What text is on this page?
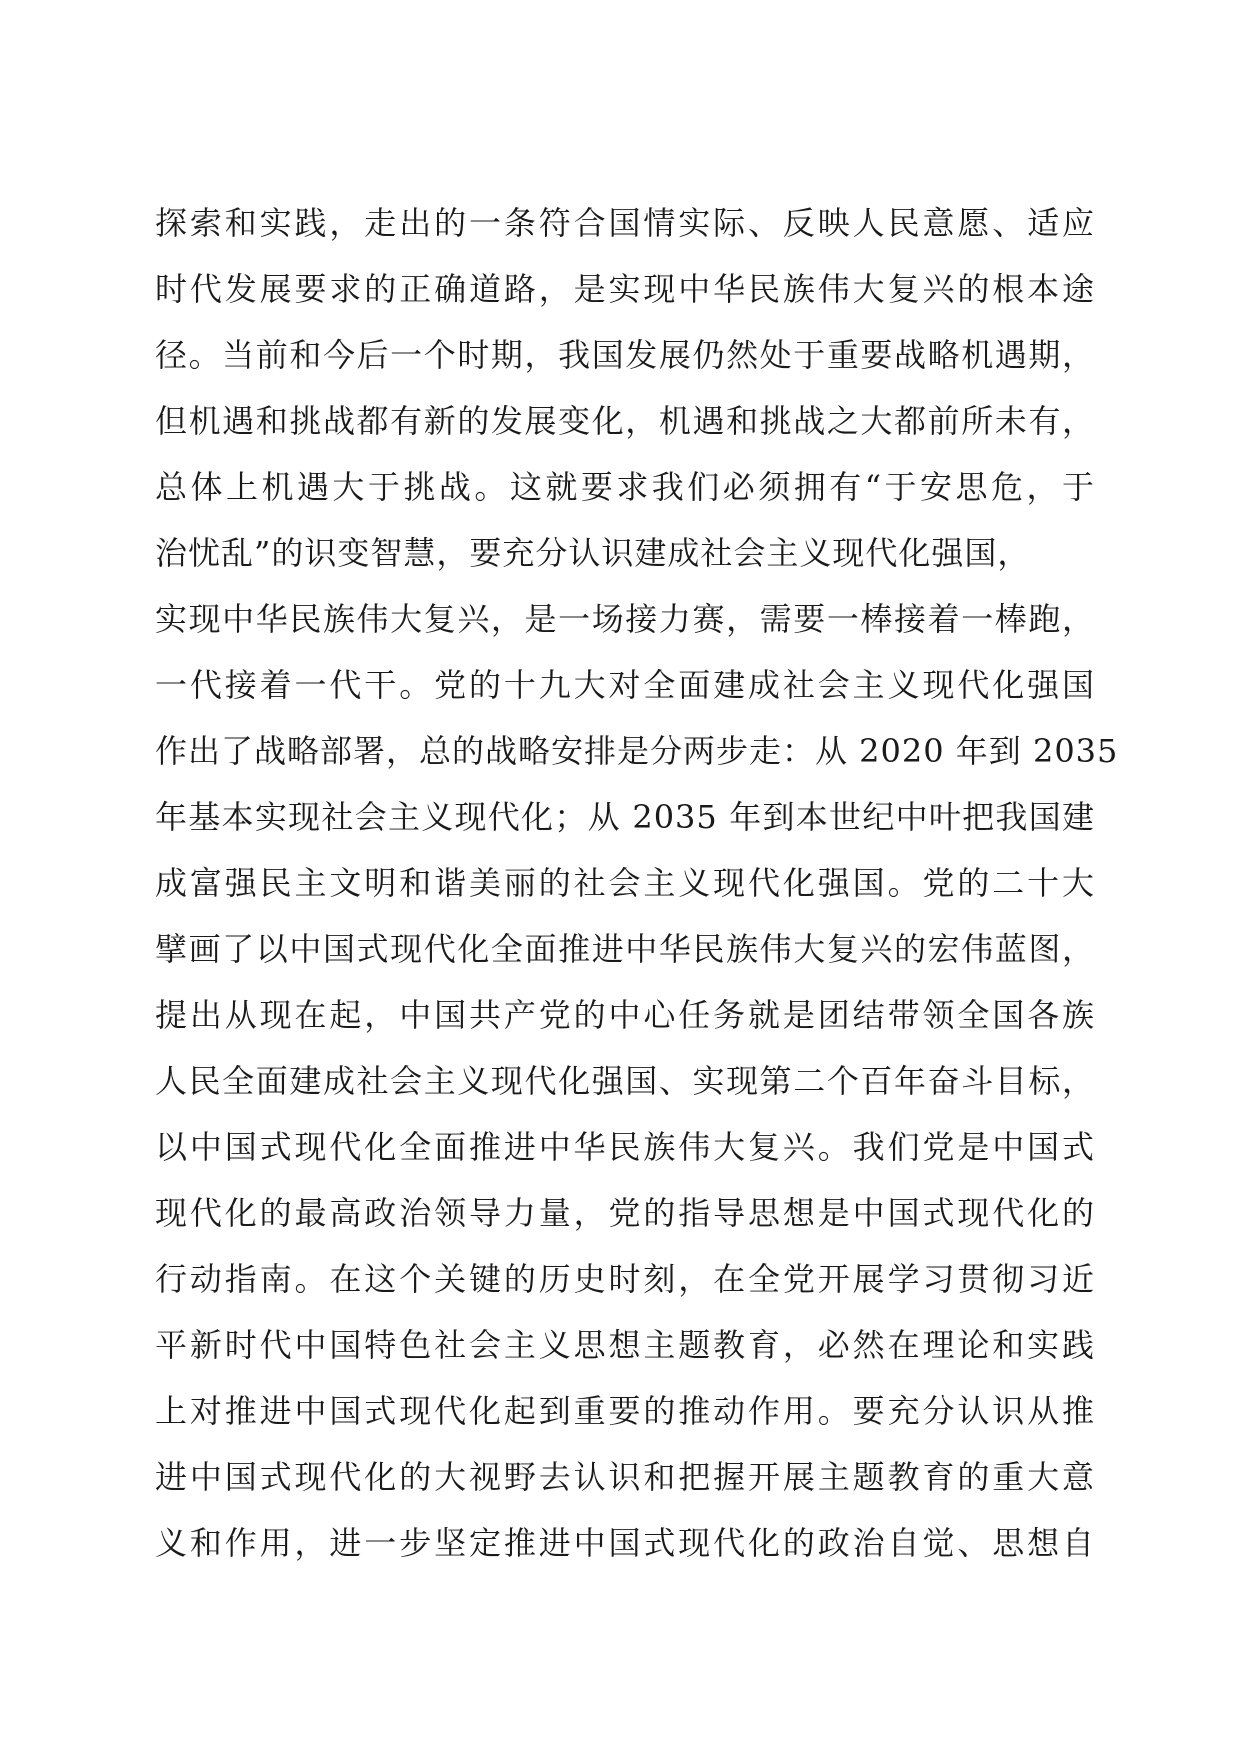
探索和实践，走出的一条符合国情实际、反映人民意愿、适应
时代发展要求的正确道路，是实现中华民族伟大复兴的根本途
径。当前和今后一个时期，我国发展仍然处于重要战略机遇期，
但机遇和挑战都有新的发展变化，机遇和挑战之大都前所未有，
总体上机遇大于挑战。这就要求我们必须拥有“于安思危，于
治忧乱”的识变智慧，要充分认识建成社会主义现代化强国，
实现中华民族伟大复兴，是一场接力赛，需要一棒接着一棒跑，
一代接着一代干。党的十九大对全面建成社会主义现代化强国
作出了战略部署，总的战略安排是分两步走：从 2020 年到 2035
年基本实现社会主义现代化；从 2035 年到本世纪中叶把我国建
成富强民主文明和谐美丽的社会主义现代化强国。党的二十大
擘画了以中国式现代化全面推进中华民族伟大复兴的宏伟蓝图，
提出从现在起，中国共产党的中心任务就是团结带领全国各族
人民全面建成社会主义现代化强国、实现第二个百年奋斗目标，
以中国式现代化全面推进中华民族伟大复兴。我们党是中国式
现代化的最高政治领导力量，党的指导思想是中国式现代化的
行动指南。在这个关键的历史时刻，在全党开展学习贯彻习近
平新时代中国特色社会主义思想主题教育，必然在理论和实践
上对推进中国式现代化起到重要的推动作用。要充分认识从推
进中国式现代化的大视野去认识和把握开展主题教育的重大意
义和作用，进一步坚定推进中国式现代化的政治自觉、思想自
